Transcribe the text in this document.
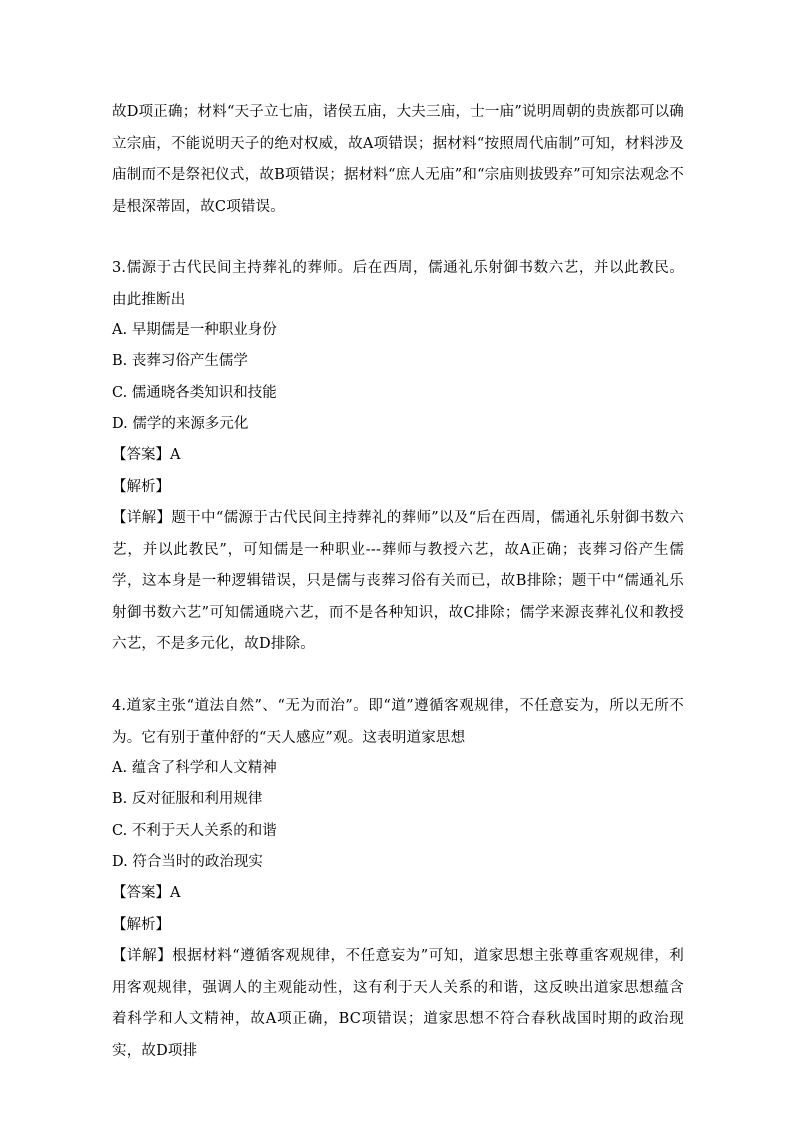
故D项正确；材料“天子立七庙，诸侯五庙，大夫三庙，士一庙”说明周朝的贵族都可以确立宗庙，不能说明天子的绝对权威，故A项错误；据材料“按照周代庙制”可知，材料涉及庙制而不是祭祀仪式，故B项错误；据材料“庶人无庙”和“宗庙则拔毁弃”可知宗法观念不是根深蒂固，故C项错误。
3.儒源于古代民间主持葬礼的葬师。后在西周，儒通礼乐射御书数六艺，并以此教民。由此推断出
A. 早期儒是一种职业身份
B. 丧葬习俗产生儒学
C. 儒通晓各类知识和技能
D. 儒学的来源多元化
【答案】A
【解析】
【详解】题干中“儒源于古代民间主持葬礼的葬师”以及“后在西周，儒通礼乐射御书数六艺，并以此教民”，可知儒是一种职业---葬师与教授六艺，故A正确；丧葬习俗产生儒学，这本身是一种逻辑错误，只是儒与丧葬习俗有关而已，故B排除；题干中“儒通礼乐射御书数六艺”可知儒通晓六艺，而不是各种知识，故C排除；儒学来源丧葬礼仪和教授六艺，不是多元化，故D排除。
4.道家主张“道法自然”、“无为而治”。即“道”遵循客观规律，不任意妄为，所以无所不为。它有别于董仲舒的“天人感应”观。这表明道家思想
A. 蕴含了科学和人文精神
B. 反对征服和利用规律
C. 不利于天人关系的和谐
D. 符合当时的政治现实
【答案】A
【解析】
【详解】根据材料“遵循客观规律，不任意妄为”可知，道家思想主张尊重客观规律，利用客观规律，强调人的主观能动性，这有利于天人关系的和谐，这反映出道家思想蕴含着科学和人文精神，故A项正确，BC项错误；道家思想不符合春秋战国时期的政治现实，故D项排
